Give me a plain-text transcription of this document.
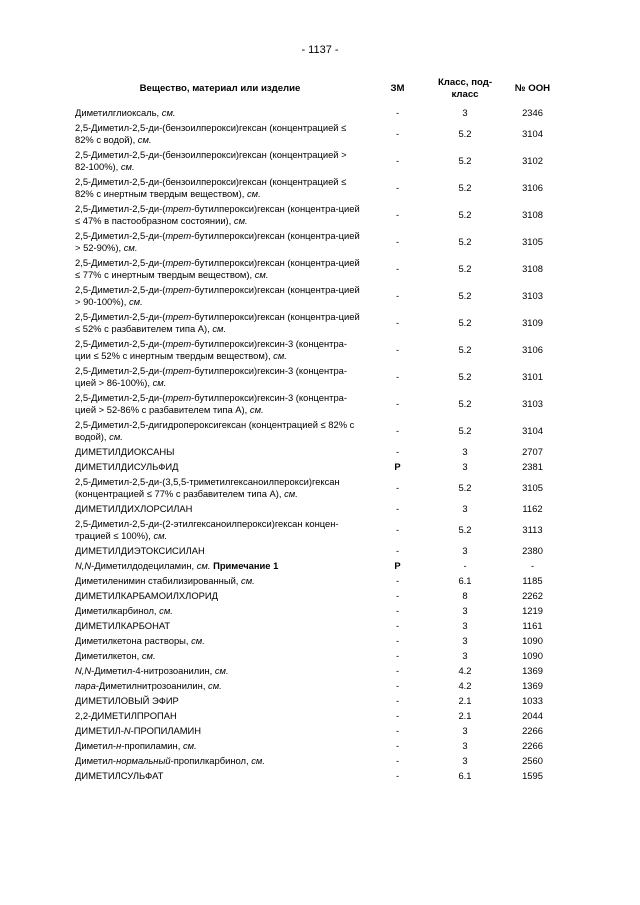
- 1137 -
Вещество, материал или изделие	ЗМ	Класс, под-класс	№ ООН
Диметилглиоксаль, см.	-	3	2346
2,5-Диметил-2,5-ди-(бензоилперокси)гексан (концентрацией ≤ 82% с водой), см.	-	5.2	3104
2,5-Диметил-2,5-ди-(бензоилперокси)гексан (концентрацией > 82-100%), см.	-	5.2	3102
2,5-Диметил-2,5-ди-(бензоилперокси)гексан (концентрацией ≤ 82% с инертным твердым веществом), см.	-	5.2	3106
2,5-Диметил-2,5-ди-(трет-бутилперокси)гексан (концентра-цией ≤ 47% в пастообразном состоянии), см.	-	5.2	3108
2,5-Диметил-2,5-ди-(трет-бутилперокси)гексан (концентра-цией > 52-90%), см.	-	5.2	3105
2,5-Диметил-2,5-ди-(трет-бутилперокси)гексан (концентра-цией ≤ 77% с инертным твердым веществом), см.	-	5.2	3108
2,5-Диметил-2,5-ди-(трет-бутилперокси)гексан (концентра-цией > 90-100%), см.	-	5.2	3103
2,5-Диметил-2,5-ди-(трет-бутилперокси)гексан (концентра-цией ≤ 52% с разбавителем типа А), см.	-	5.2	3109
2,5-Диметил-2,5-ди-(трет-бутилперокси)гексин-3 (концентра-ции ≤ 52% с инертным твердым веществом), см.	-	5.2	3106
2,5-Диметил-2,5-ди-(трет-бутилперокси)гексин-3 (концентра-цией > 86-100%), см.	-	5.2	3101
2,5-Диметил-2,5-ди-(трет-бутилперокси)гексин-3 (концентра-цией > 52-86% с разбавителем типа А), см.	-	5.2	3103
2,5-Диметил-2,5-дигидропероксигексан (концентрацией ≤ 82% с водой), см.	-	5.2	3104
ДИМЕТИЛДИОКСАНЫ	-	3	2707
ДИМЕТИЛДИСУЛЬФИД	Р	3	2381
2,5-Диметил-2,5-ди-(3,5,5-триметилгексаноилперокси)гексан (концентрацией ≤ 77% с разбавителем типа А), см.	-	5.2	3105
ДИМЕТИЛДИХЛОРСИЛАН	-	3	1162
2,5-Диметил-2,5-ди-(2-этилгексаноилперокси)гексан концен-трацией ≤ 100%), см.	-	5.2	3113
ДИМЕТИЛДИЭТОКСИСИЛАН	-	3	2380
N,N-Диметилдодециламин, см. Примечание 1	Р	-	-
Диметиленимин стабилизированный, см.	-	6.1	1185
ДИМЕТИЛКАРБАМОИЛХЛОРИД	-	8	2262
Диметилкарбинол, см.	-	3	1219
ДИМЕТИЛКАРБОНАТ	-	3	1161
Диметилкетона растворы, см.	-	3	1090
Диметилкетон, см.	-	3	1090
N,N-Диметил-4-нитрозоанилин, см.	-	4.2	1369
пара-Диметилнитрозоанилин, см.	-	4.2	1369
ДИМЕТИЛОВЫЙ ЭФИР	-	2.1	1033
2,2-ДИМЕТИЛПРОПАН	-	2.1	2044
ДИМЕТИЛ-N-ПРОПИЛАМИН	-	3	2266
Диметил-н-пропиламин, см.	-	3	2266
Диметил-нормальный-пропилкарбинол, см.	-	3	2560
ДИМЕТИЛСУЛЬФАТ	-	6.1	1595
